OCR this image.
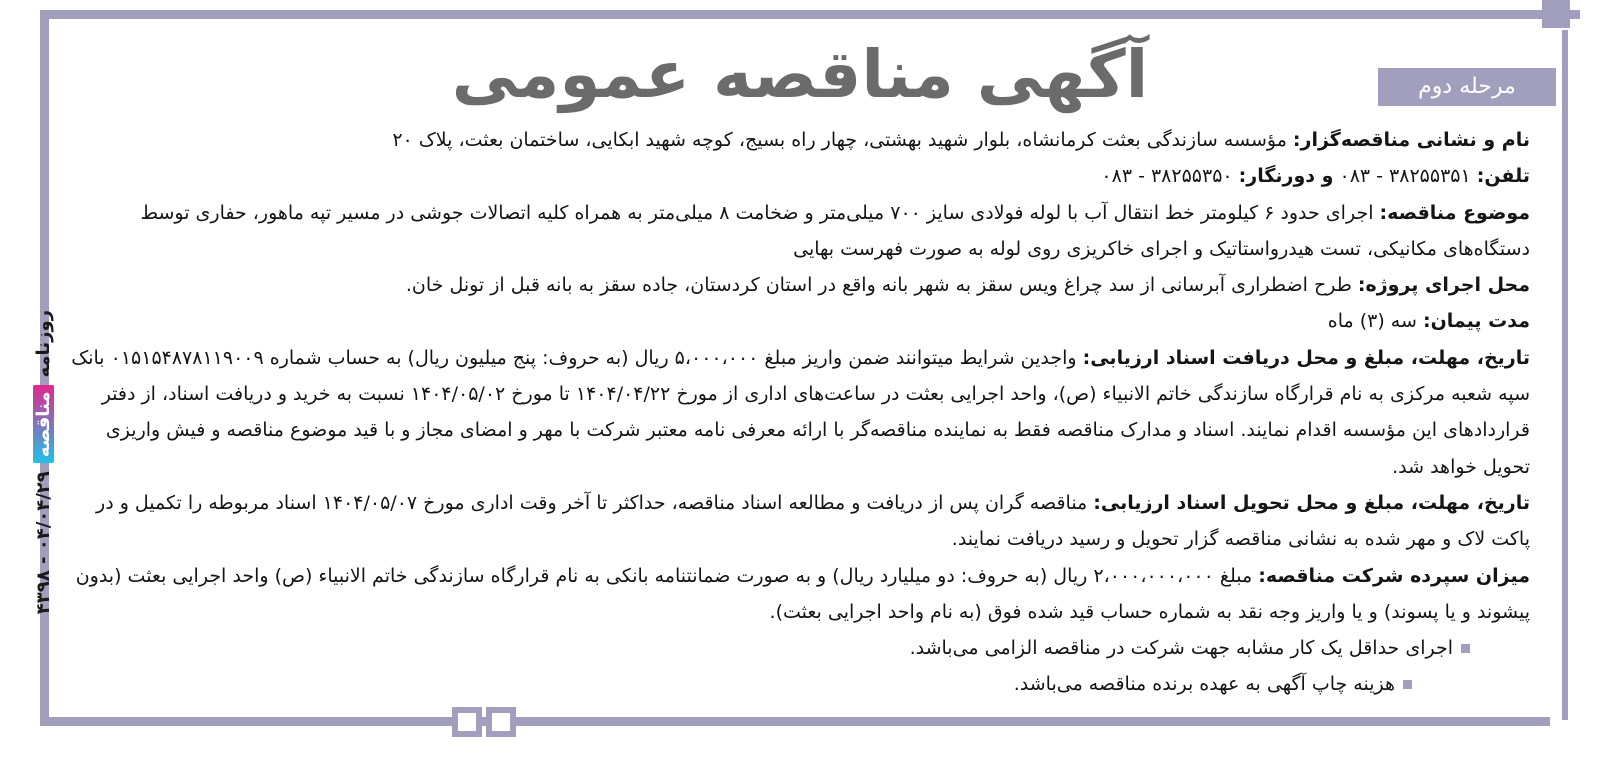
آگهی مناقصه عمومی	مرحله دوم
روزنامه
مناقصه
۰۴/۰۴/۲۹ - ۴۳۹۸

نام و نشانی مناقصه‌گزار: مؤسسه سازندگی بعثت کرمانشاه، بلوار شهید بهشتی، چهار راه بسیج، کوچه شهید ابکایی، ساختمان بعثت، پلاک ۲۰

تلفن: ۳۸۲۵۵۳۵۱ - ۰۸۳ و دورنگار: ۳۸۲۵۵۳۵۰ - ۰۸۳

موضوع مناقصه: اجرای حدود ۶ کیلومتر خط انتقال آب با لوله فولادی سایز ۷۰۰ میلی‌متر و ضخامت ۸ میلی‌متر به همراه کلیه اتصالات جوشی در مسیر تپه ماهور، حفاری توسط دستگاه‌های مکانیکی، تست هیدرواستاتیک و اجرای خاکریزی روی لوله به صورت فهرست بهایی

محل اجرای پروژه: طرح اضطراری آبرسانی از سد چراغ ویس سقز به شهر بانه واقع در استان کردستان، جاده سقز به بانه قبل از تونل خان.

مدت پیمان: سه (۳) ماه

تاریخ، مهلت، مبلغ و محل دریافت اسناد ارزیابی: واجدین شرایط میتوانند ضمن واریز مبلغ ۵،۰۰۰،۰۰۰ ریال (به حروف: پنج میلیون ریال) به حساب شماره ۰۱۵۱۵۴۸۷۸۱۱۹۰۰۹ بانک سپه شعبه مرکزی به نام قرارگاه سازندگی خاتم الانبیاء (ص)، واحد اجرایی بعثت در ساعت‌های اداری از مورخ ۱۴۰۴/۰۴/۲۲ تا مورخ ۱۴۰۴/۰۵/۰۲ نسبت به خرید و دریافت اسناد، از دفتر قراردادهای این مؤسسه اقدام نمایند. اسناد و مدارک مناقصه فقط به نماینده مناقصه‌گر با ارائه معرفی نامه معتبر شرکت با مهر و امضای مجاز و با قید موضوع مناقصه و فیش واریزی تحویل خواهد شد.

تاریخ، مهلت، مبلغ و محل تحویل اسناد ارزیابی: مناقصه گران پس از دریافت و مطالعه اسناد مناقصه، حداکثر تا آخر وقت اداری مورخ ۱۴۰۴/۰۵/۰۷ اسناد مربوطه را تکمیل و در پاکت لاک و مهر شده به نشانی مناقصه گزار تحویل و رسید دریافت نمایند.

میزان سپرده شرکت مناقصه: مبلغ ۲،۰۰۰،۰۰۰،۰۰۰ ریال (به حروف: دو میلیارد ریال) و به صورت ضمانتنامه بانکی به نام قرارگاه سازندگی خاتم الانبیاء (ص) واحد اجرایی بعثت (بدون پیشوند و یا پسوند) و یا واریز وجه نقد به شماره حساب قید شده فوق (به نام واحد اجرایی بعثت).

اجرای حداقل یک کار مشابه جهت شرکت در مناقصه الزامی می‌باشد.

هزینه چاپ آگهی به عهده برنده مناقصه می‌باشد.
